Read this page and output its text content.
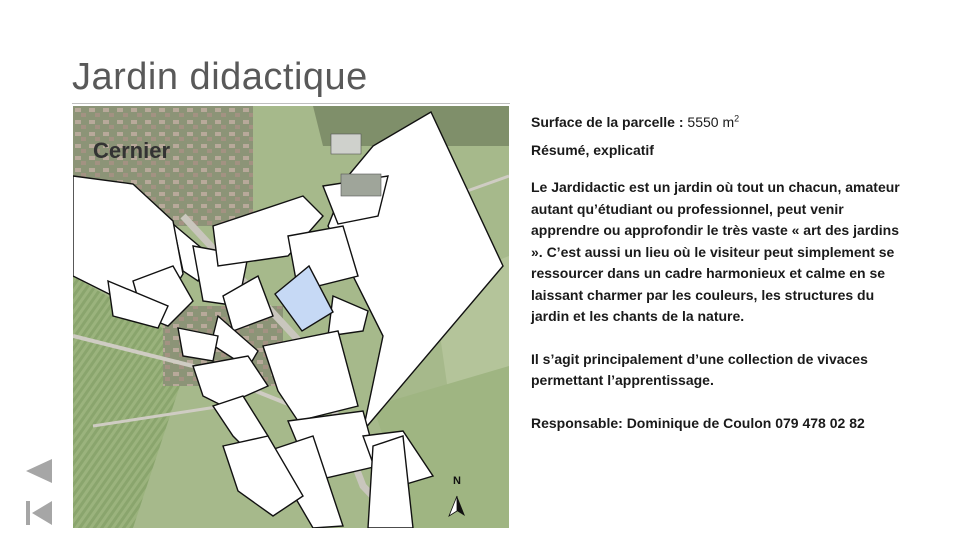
Jardin didactique
Cernier
N

Surface de la parcelle : 5550 $m^2$

Résumé, explicatif

Le Jardidactic est un jardin où tout un chacun, amateur autant qu’étudiant ou professionnel, peut venir apprendre ou approfondir le très vaste « art des jardins ». C’est aussi un lieu où le visiteur peut simplement se ressourcer dans un cadre harmonieux et calme en se laissant charmer par les couleurs, les structures du jardin et les chants de la nature.

Il s’agit principalement d’une collection de vivaces permettant l’apprentissage.

Responsable: Dominique de Coulon 079 478 02 82
